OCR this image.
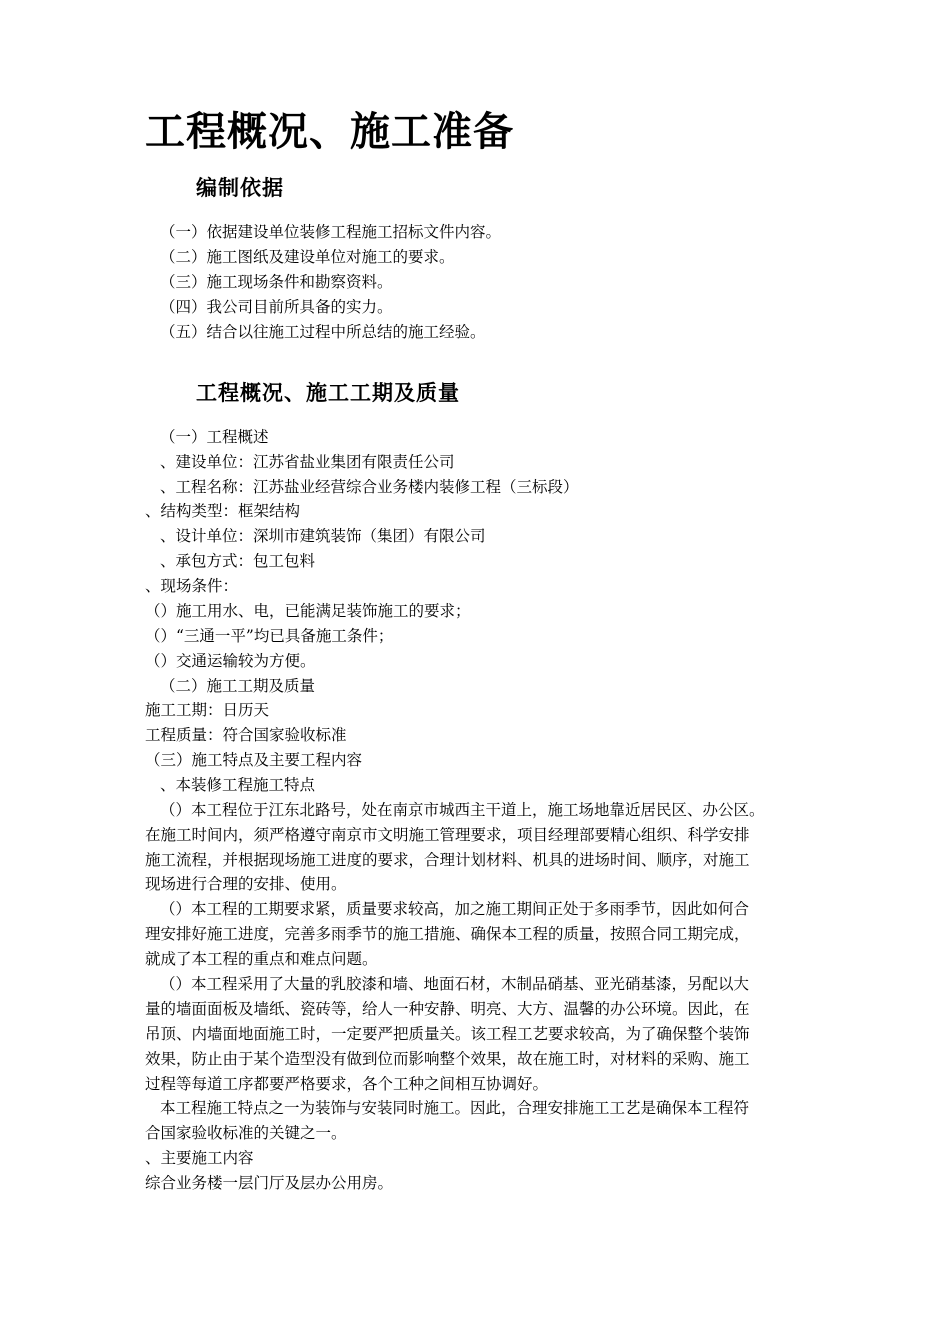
工程概况、施工准备
编制依据

（一）依据建设单位装修工程施工招标文件内容。

（二）施工图纸及建设单位对施工的要求。

（三）施工现场条件和勘察资料。

（四）我公司目前所具备的实力。

（五）结合以往施工过程中所总结的施工经验。

工程概况、施工工期及质量

（一）工程概述

、建设单位：江苏省盐业集团有限责任公司

、工程名称：江苏盐业经营综合业务楼内装修工程（三标段）

、结构类型：框架结构

、设计单位：深圳市建筑装饰（集团）有限公司

、承包方式：包工包料

、现场条件：

（）施工用水、电，已能满足装饰施工的要求；

（）“三通一平”均已具备施工条件；

（）交通运输较为方便。

（二）施工工期及质量

施工工期：日历天

工程质量：符合国家验收标准

（三）施工特点及主要工程内容

、本装修工程施工特点

（）本工程位于江东北路号，处在南京市城西主干道上，施工场地靠近居民区、办公区。

在施工时间内，须严格遵守南京市文明施工管理要求，项目经理部要精心组织、科学安排

施工流程，并根据现场施工进度的要求，合理计划材料、机具的进场时间、顺序，对施工

现场进行合理的安排、使用。

（）本工程的工期要求紧，质量要求较高，加之施工期间正处于多雨季节，因此如何合

理安排好施工进度，完善多雨季节的施工措施、确保本工程的质量，按照合同工期完成，

就成了本工程的重点和难点问题。

（）本工程采用了大量的乳胶漆和墙、地面石材，木制品硝基、亚光硝基漆，另配以大

量的墙面面板及墙纸、瓷砖等，给人一种安静、明亮、大方、温馨的办公环境。因此，在

吊顶、内墙面地面施工时，一定要严把质量关。该工程工艺要求较高，为了确保整个装饰

效果，防止由于某个造型没有做到位而影响整个效果，故在施工时，对材料的采购、施工

过程等每道工序都要严格要求，各个工种之间相互协调好。

本工程施工特点之一为装饰与安装同时施工。因此，合理安排施工工艺是确保本工程符

合国家验收标准的关键之一。

、主要施工内容

综合业务楼一层门厅及层办公用房。
